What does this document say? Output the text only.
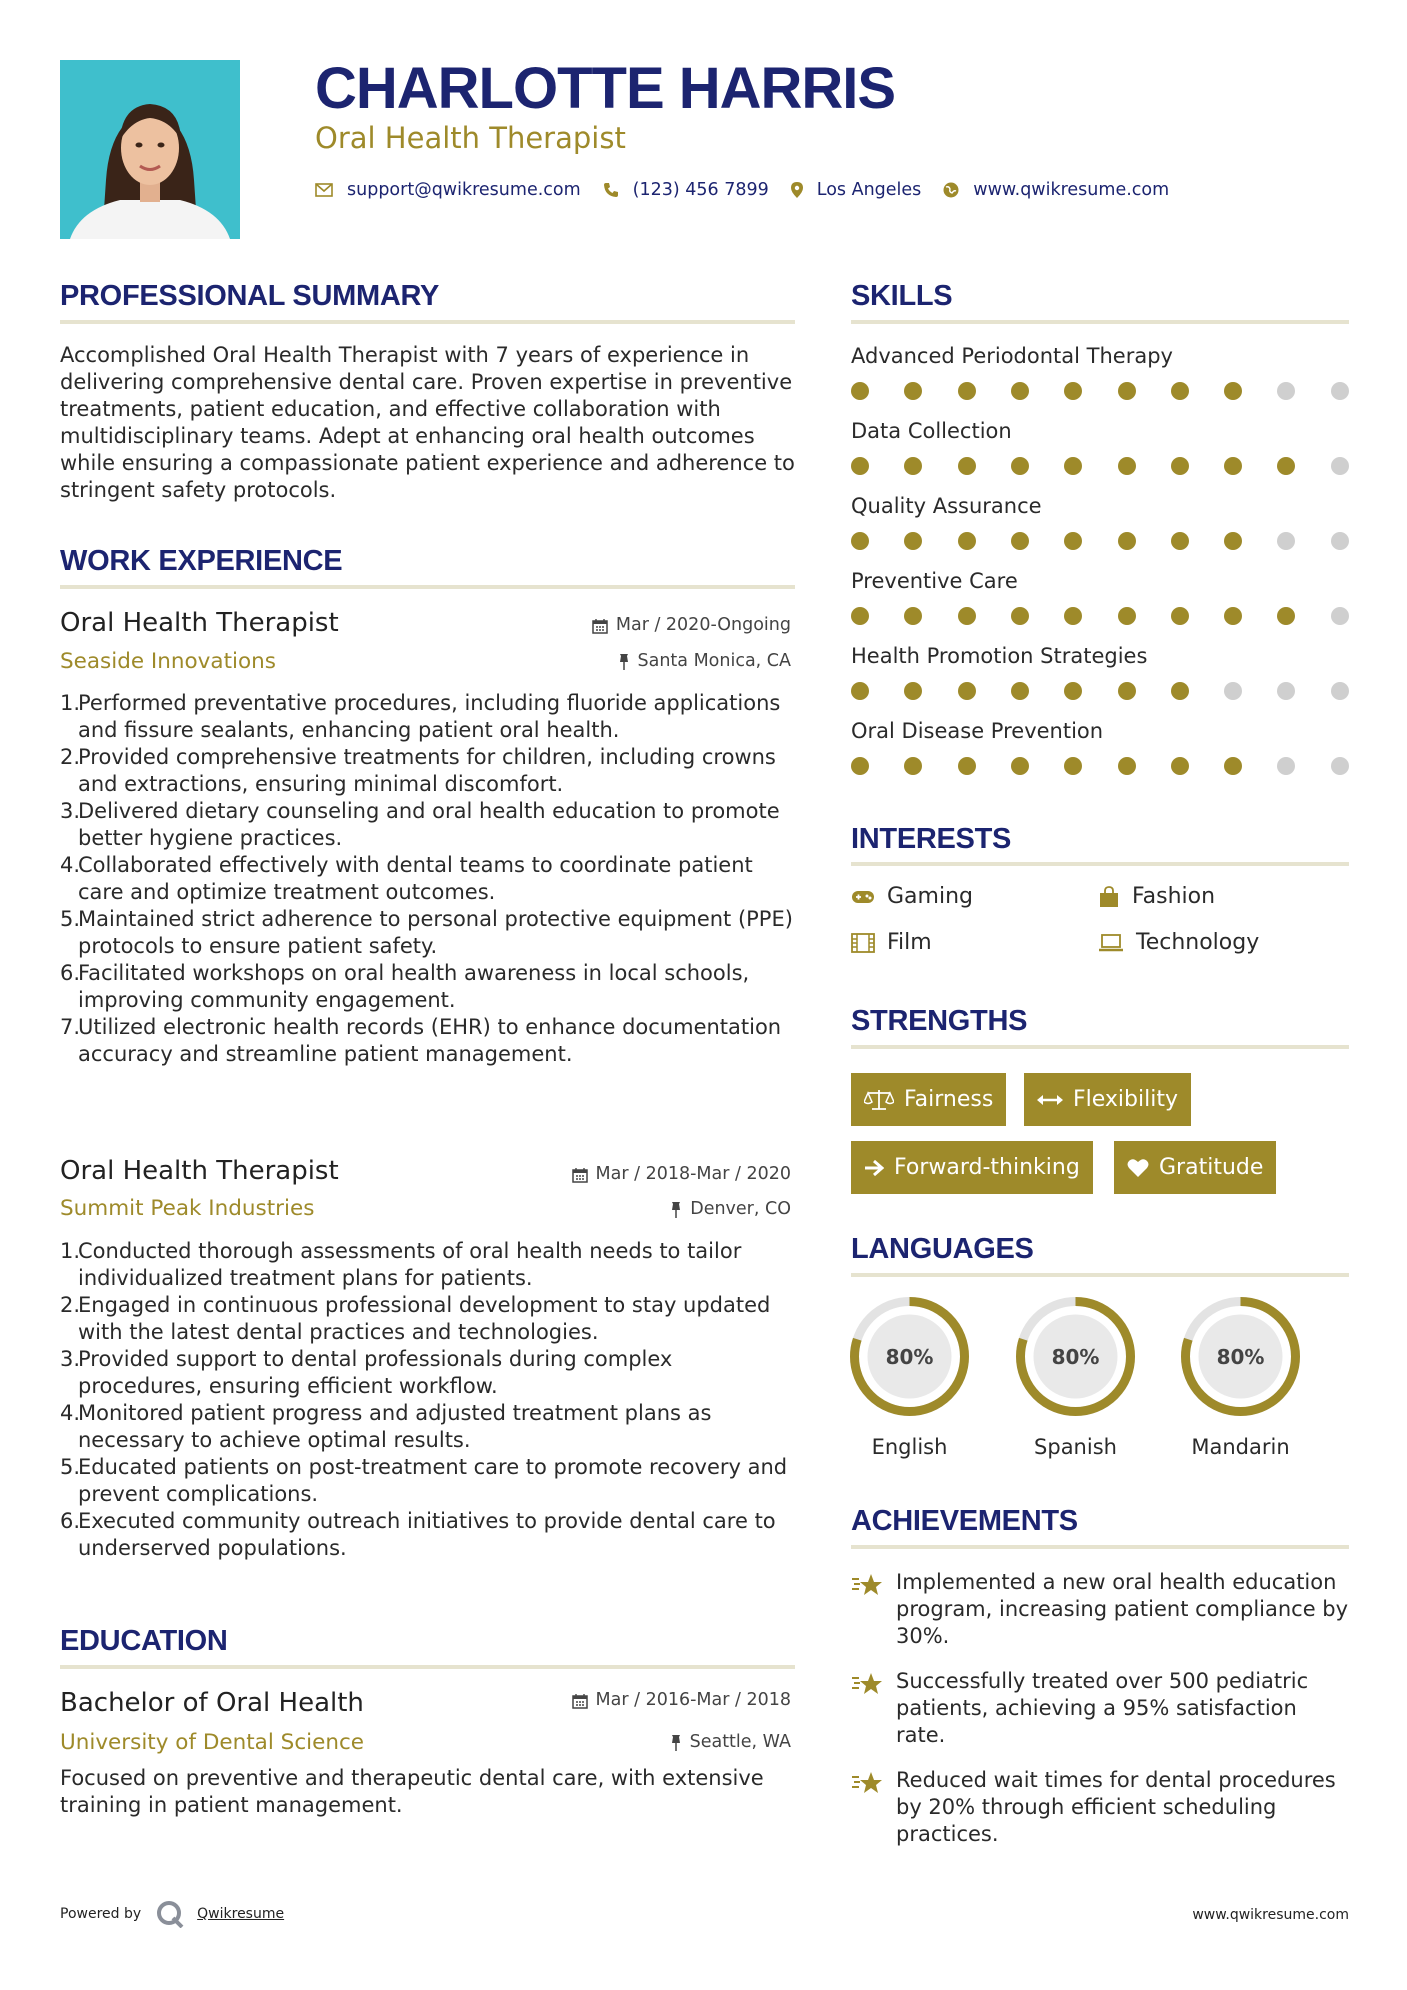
CHARLOTTE HARRIS
Oral Health Therapist
support@qwikresume.com	(123) 456 7899	Los Angeles	www.qwikresume.com
PROFESSIONAL SUMMARY
Accomplished Oral Health Therapist with 7 years of experience in delivering comprehensive dental care. Proven expertise in preventive treatments, patient education, and effective collaboration with multidisciplinary teams. Adept at enhancing oral health outcomes while ensuring a compassionate patient experience and adherence to stringent safety protocols.
WORK EXPERIENCE
Oral Health Therapist	Mar / 2020-Ongoing
Seaside Innovations	Santa Monica, CA
1.
Performed preventative procedures, including fluoride applications and fissure sealants, enhancing patient oral health.
2.
Provided comprehensive treatments for children, including crowns and extractions, ensuring minimal discomfort.
3.
Delivered dietary counseling and oral health education to promote better hygiene practices.
4.
Collaborated effectively with dental teams to coordinate patient care and optimize treatment outcomes.
5.
Maintained strict adherence to personal protective equipment (PPE) protocols to ensure patient safety.
6.
Facilitated workshops on oral health awareness in local schools, improving community engagement.
7.
Utilized electronic health records (EHR) to enhance documentation accuracy and streamline patient management.
Oral Health Therapist	Mar / 2018-Mar / 2020
Summit Peak Industries	Denver, CO
1.
Conducted thorough assessments of oral health needs to tailor individualized treatment plans for patients.
2.
Engaged in continuous professional development to stay updated with the latest dental practices and technologies.
3.
Provided support to dental professionals during complex procedures, ensuring efficient workflow.
4.
Monitored patient progress and adjusted treatment plans as necessary to achieve optimal results.
5.
Educated patients on post-treatment care to promote recovery and prevent complications.
6.
Executed community outreach initiatives to provide dental care to underserved populations.
EDUCATION
Bachelor of Oral Health	Mar / 2016-Mar / 2018
University of Dental Science	Seattle, WA
Focused on preventive and therapeutic dental care, with extensive training in patient management.
SKILLS
Advanced Periodontal Therapy
Data Collection
Quality Assurance
Preventive Care
Health Promotion Strategies
Oral Disease Prevention
INTERESTS
Gaming	Fashion
Film	Technology
STRENGTHS
Fairness	Flexibility
Forward-thinking	Gratitude
LANGUAGES
80%
English
80%
Spanish
80%
Mandarin
ACHIEVEMENTS
Implemented a new oral health education program, increasing patient compliance by 30%.
Successfully treated over 500 pediatric patients, achieving a 95% satisfaction rate.
Reduced wait times for dental procedures by 20% through efficient scheduling practices.
Powered by	Qwikresume	www.qwikresume.com
